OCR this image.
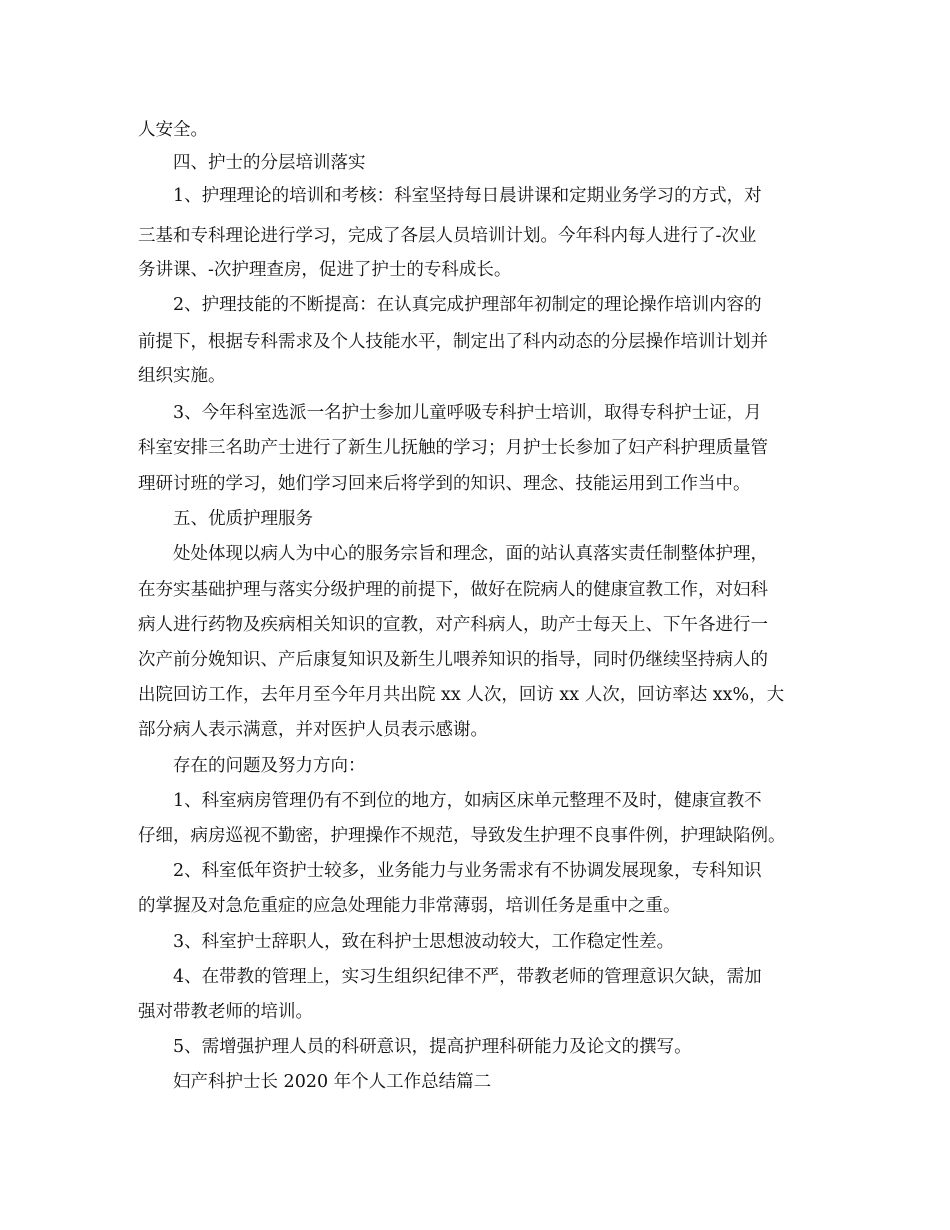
人安全。
四、护士的分层培训落实
1、护理理论的培训和考核：科室坚持每日晨讲课和定期业务学习的方式，对
三基和专科理论进行学习，完成了各层人员培训计划。今年科内每人进行了-次业
务讲课、-次护理查房，促进了护士的专科成长。
2、护理技能的不断提高：在认真完成护理部年初制定的理论操作培训内容的
前提下，根据专科需求及个人技能水平，制定出了科内动态的分层操作培训计划并
组织实施。
3、今年科室选派一名护士参加儿童呼吸专科护士培训，取得专科护士证，月
科室安排三名助产士进行了新生儿抚触的学习；月护士长参加了妇产科护理质量管
理研讨班的学习，她们学习回来后将学到的知识、理念、技能运用到工作当中。
五、优质护理服务
处处体现以病人为中心的服务宗旨和理念，面的站认真落实责任制整体护理，
在夯实基础护理与落实分级护理的前提下，做好在院病人的健康宣教工作，对妇科
病人进行药物及疾病相关知识的宣教，对产科病人，助产士每天上、下午各进行一
次产前分娩知识、产后康复知识及新生儿喂养知识的指导，同时仍继续坚持病人的
出院回访工作，去年月至今年月共出院 xx 人次，回访 xx 人次，回访率达 xx%，大
部分病人表示满意，并对医护人员表示感谢。
存在的问题及努力方向：
1、科室病房管理仍有不到位的地方，如病区床单元整理不及时，健康宣教不
仔细，病房巡视不勤密，护理操作不规范，导致发生护理不良事件例，护理缺陷例。
2、科室低年资护士较多，业务能力与业务需求有不协调发展现象，专科知识
的掌握及对急危重症的应急处理能力非常薄弱，培训任务是重中之重。
3、科室护士辞职人，致在科护士思想波动较大，工作稳定性差。
4、在带教的管理上，实习生组织纪律不严，带教老师的管理意识欠缺，需加
强对带教老师的培训。
5、需增强护理人员的科研意识，提高护理科研能力及论文的撰写。
妇产科护士长 2020 年个人工作总结篇二
